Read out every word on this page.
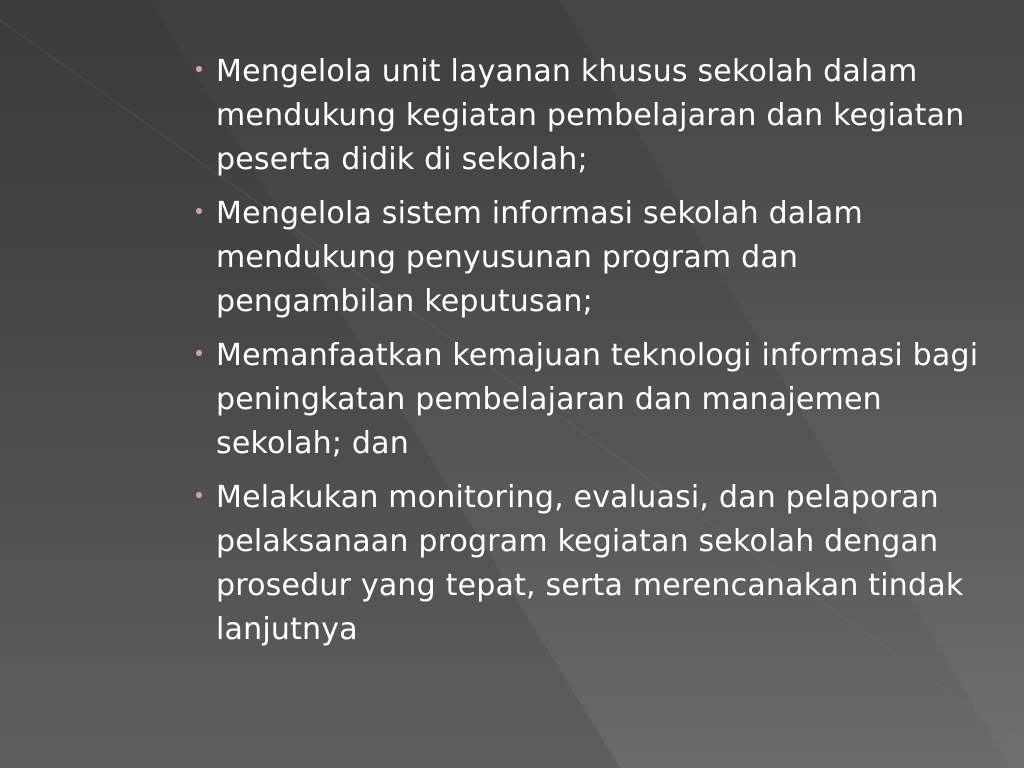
Mengelola unit layanan khusus sekolah dalam mendukung kegiatan pembelajaran dan kegiatan peserta didik di sekolah;
Mengelola sistem informasi sekolah dalam mendukung penyusunan program dan pengambilan keputusan;
Memanfaatkan kemajuan teknologi informasi bagi peningkatan pembelajaran dan manajemen sekolah; dan
Melakukan monitoring, evaluasi, dan pelaporan pelaksanaan program kegiatan sekolah dengan prosedur yang tepat, serta merencanakan tindak lanjutnya
